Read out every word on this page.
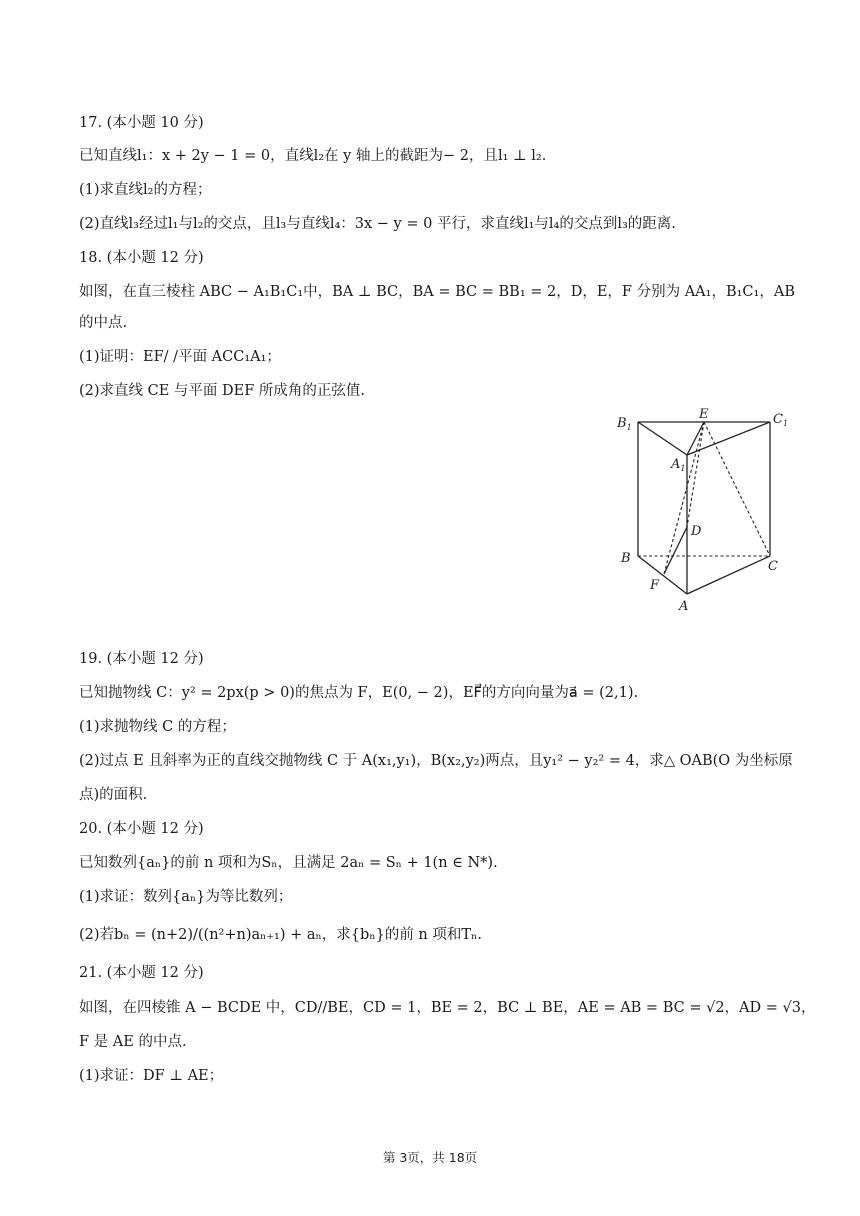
17. (本小题 10 分)
已知直线l₁：x + 2y − 1 = 0，直线l₂在 y 轴上的截距为− 2，且l₁ ⊥ l₂.
(1)求直线l₂的方程；
(2)直线l₃经过l₁与l₂的交点，且l₃与直线l₄：3x − y = 0 平行，求直线l₁与l₄的交点到l₃的距离.
18. (本小题 12 分)
如图，在直三棱柱 ABC − A₁B₁C₁中，BA ⊥ BC，BA = BC = BB₁ = 2，D，E，F 分别为 AA₁，B₁C₁，AB
的中点.
(1)证明：EF/ /平面 ACC₁A₁；
(2)求直线 CE 与平面 DEF 所成角的正弦值.
$B_1$
E	$C_1$
$A_1$
D
B
C
F
A
19. (本小题 12 分)
已知抛物线 C：y² = 2px(p > 0)的焦点为 F，E(0, − 2)，EF⃗的方向向量为a⃗ = (2,1).
(1)求抛物线 C 的方程；
(2)过点 E 且斜率为正的直线交抛物线 C 于 A(x₁,y₁)，B(x₂,y₂)两点，且y₁² − y₂² = 4，求△ OAB(O 为坐标原
点)的面积.
20. (本小题 12 分)
已知数列{aₙ}的前 n 项和为Sₙ，且满足 2aₙ = Sₙ + 1(n ∈ N*).
(1)求证：数列{aₙ}为等比数列；
(2)若bₙ = (n+2)/((n²+n)aₙ₊₁) + aₙ，求{bₙ}的前 n 项和Tₙ.
21. (本小题 12 分)
如图，在四棱锥 A − BCDE 中，CD//BE，CD = 1，BE = 2，BC ⊥ BE，AE = AB = BC = √2，AD = √3，
F 是 AE 的中点.
(1)求证：DF ⊥ AE；
第 3页，共 18页
